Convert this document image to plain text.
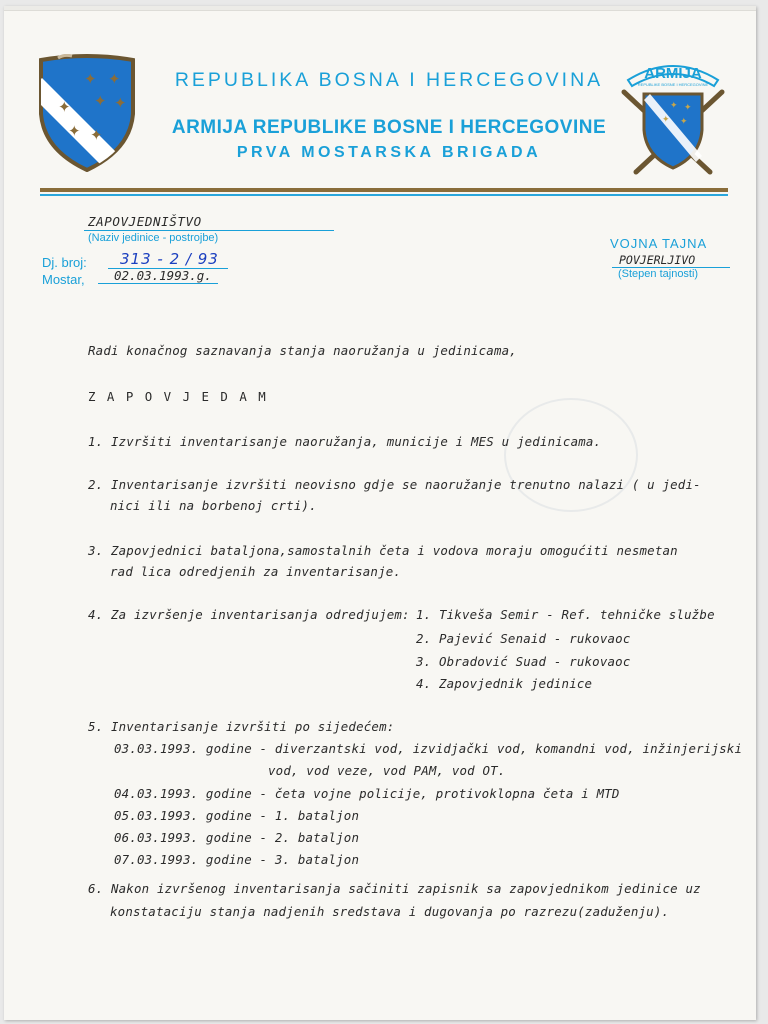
✦ ✦
✦ ✦
✦
✦ ✦
REPUBLIKA BOSNA I HERCEGOVINA
ARMIJA REPUBLIKE BOSNE I HERCEGOVINE
PRVA MOSTARSKA BRIGADA
✦ ✦
✦
✦
ARMIJA
REPUBLIKE BOSNE I HERCEGOVINE
ZAPOVJEDNIŠTVO
(Naziv jedinice - postrojbe)
Dj. broj: 313 - 2 / 93
Mostar, 02.03.1993.g.
VOJNA TAJNA
POVJERLJIVO
(Stepen tajnosti)
Radi konačnog saznavanja stanja naoružanja u jedinicama,
Z A P O V J E D A M
1. Izvršiti inventarisanje naoružanja, municije i MES u jedinicama.
2. Inventarisanje izvršiti neovisno gdje se naoružanje trenutno nalazi ( u jedi-
nici ili na borbenoj crti).
3. Zapovjednici bataljona,samostalnih četa i vodova moraju omogućiti nesmetan
rad lica odredjenih za inventarisanje.
4. Za izvršenje inventarisanja odredjujem: 1. Tikveša Semir - Ref. tehničke službe
2. Pajević Senaid - rukovaoc
3. Obradović Suad - rukovaoc
4. Zapovjednik jedinice
5. Inventarisanje izvršiti po sijedećem:
03.03.1993. godine - diverzantski vod, izvidjački vod, komandni vod, inžinjerijski
vod, vod veze, vod PAM, vod OT.
04.03.1993. godine - četa vojne policije, protivoklopna četa i MTD
05.03.1993. godine - 1. bataljon
06.03.1993. godine - 2. bataljon
07.03.1993. godine - 3. bataljon
6. Nakon izvršenog inventarisanja sačiniti zapisnik sa zapovjednikom jedinice uz
konstataciju stanja nadjenih sredstava i dugovanja po razrezu(zaduženju).
